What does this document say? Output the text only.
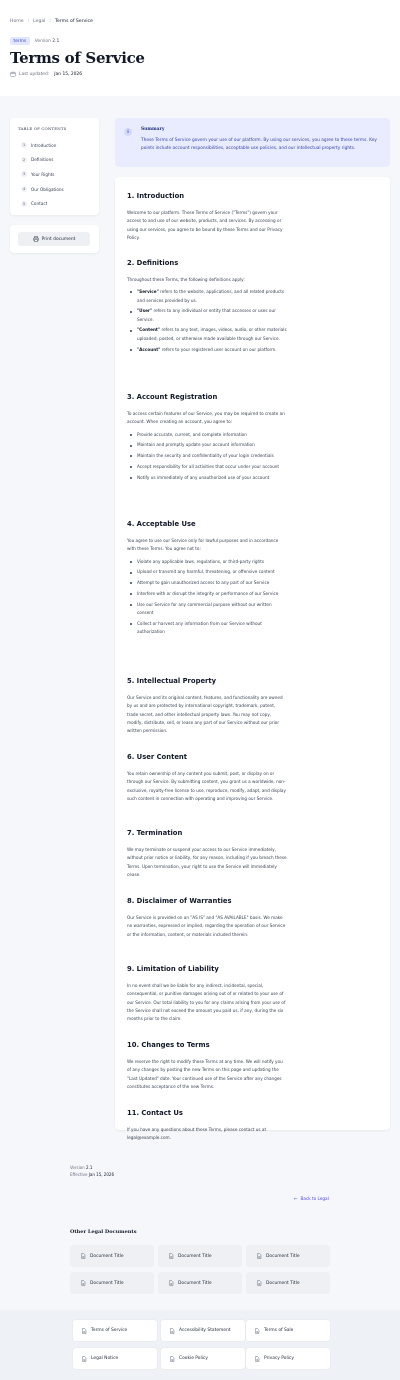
Home / Legal / Terms of Service
terms	Version 2.1
Terms of Service
Last updated: Jan 15, 2026
TABLE OF CONTENTS
1	Introduction
2	Definitions
3	Your Rights
4	Our Obligations
5	Contact
Print document
i	Summary
These Terms of Service govern your use of our platform. By using our services, you agree to these terms. Key points include account responsibilities, acceptable use policies, and our intellectual property rights.
1. Introduction

Welcome to our platform. These Terms of Service ("Terms") govern your access to and use of our website, products, and services. By accessing or using our services, you agree to be bound by these Terms and our Privacy Policy.

2. Definitions

Throughout these Terms, the following definitions apply:

"Service" refers to the website, applications, and all related products and services provided by us.
"User" refers to any individual or entity that accesses or uses our Service.
"Content" refers to any text, images, videos, audio, or other materials uploaded, posted, or otherwise made available through our Service.
"Account" refers to your registered user account on our platform.
3. Account Registration

To access certain features of our Service, you may be required to create an account. When creating an account, you agree to:

Provide accurate, current, and complete information
Maintain and promptly update your account information
Maintain the security and confidentiality of your login credentials
Accept responsibility for all activities that occur under your account
Notify us immediately of any unauthorized use of your account
4. Acceptable Use

You agree to use our Service only for lawful purposes and in accordance with these Terms. You agree not to:

Violate any applicable laws, regulations, or third-party rights
Upload or transmit any harmful, threatening, or offensive content
Attempt to gain unauthorized access to any part of our Service
Interfere with or disrupt the integrity or performance of our Service
Use our Service for any commercial purpose without our written consent
Collect or harvest any information from our Service without authorization
5. Intellectual Property

Our Service and its original content, features, and functionality are owned by us and are protected by international copyright, trademark, patent, trade secret, and other intellectual property laws. You may not copy, modify, distribute, sell, or lease any part of our Service without our prior written permission.

6. User Content

You retain ownership of any content you submit, post, or display on or through our Service. By submitting content, you grant us a worldwide, non-exclusive, royalty-free license to use, reproduce, modify, adapt, and display such content in connection with operating and improving our Service.

7. Termination

We may terminate or suspend your access to our Service immediately, without prior notice or liability, for any reason, including if you breach these Terms. Upon termination, your right to use the Service will immediately cease.

8. Disclaimer of Warranties

Our Service is provided on an "AS IS" and "AS AVAILABLE" basis. We make no warranties, expressed or implied, regarding the operation of our Service or the information, content, or materials included therein.

9. Limitation of Liability

In no event shall we be liable for any indirect, incidental, special, consequential, or punitive damages arising out of or related to your use of our Service. Our total liability to you for any claims arising from your use of the Service shall not exceed the amount you paid us, if any, during the six months prior to the claim.

10. Changes to Terms

We reserve the right to modify these Terms at any time. We will notify you of any changes by posting the new Terms on this page and updating the "Last Updated" date. Your continued use of the Service after any changes constitutes acceptance of the new Terms.

11. Contact Us

If you have any questions about these Terms, please contact us at legal@example.com.

Version 2.1
Effective Jan 15, 2026
← Back to Legal
Other Legal Documents
Document Title	Document Title	Document Title
Document Title	Document Title	Document Title
Terms of Service	Accessibility Statement	Terms of Sale
Legal Notice	Cookie Policy	Privacy Policy
